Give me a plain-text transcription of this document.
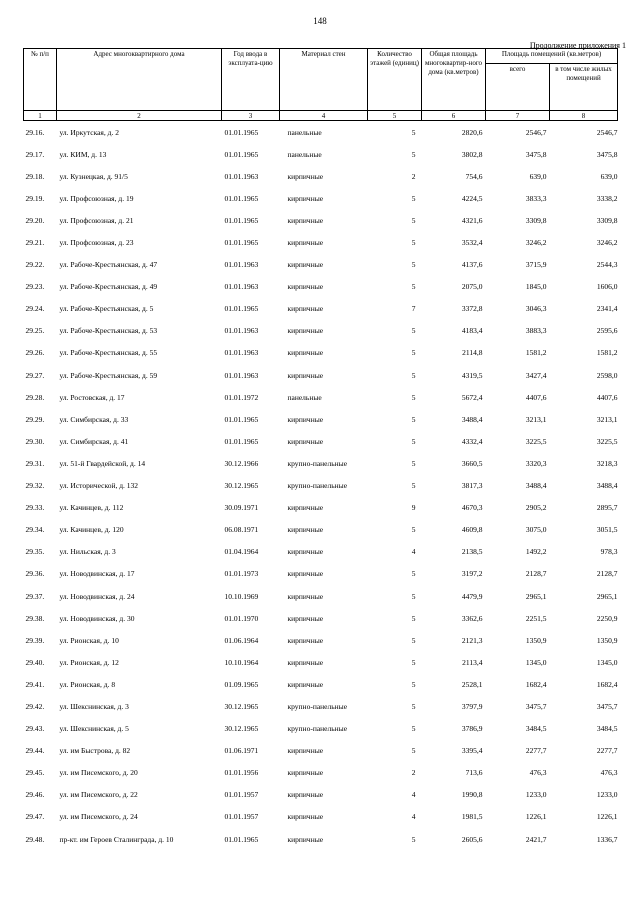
148
Продолжение приложения 1
№ п/п	Адрес многоквартирного дома	Год ввода в эксплуата-цию	Материал стен	Количество этажей (единиц)	Общая площадь многоквартир-ного дома (кв.метров)	Площадь помещений (кв.метров)	
						всего	в том числе жилых помещений
1	2	3	4	5	6	7	8
29.16.	ул. Иркутская, д. 2	01.01.1965	панельные	5	2820,6	2546,7	2546,7
29.17.	ул. КИМ, д. 13	01.01.1965	панельные	5	3802,8	3475,8	3475,8
29.18.	ул. Кузнецкая, д. 91/5	01.01.1963	кирпичные	2	754,6	639,0	639,0
29.19.	ул. Профсоюзная, д. 19	01.01.1965	кирпичные	5	4224,5	3833,3	3338,2
29.20.	ул. Профсоюзная, д. 21	01.01.1965	кирпичные	5	4321,6	3309,8	3309,8
29.21.	ул. Профсоюзная, д. 23	01.01.1965	кирпичные	5	3532,4	3246,2	3246,2
29.22.	ул. Рабоче-Крестьянская, д. 47	01.01.1963	кирпичные	5	4137,6	3715,9	2544,3
29.23.	ул. Рабоче-Крестьянская, д. 49	01.01.1963	кирпичные	5	2075,0	1845,0	1606,0
29.24.	ул. Рабоче-Крестьянская, д. 5	01.01.1965	кирпичные	7	3372,8	3046,3	2341,4
29.25.	ул. Рабоче-Крестьянская, д. 53	01.01.1963	кирпичные	5	4183,4	3883,3	2595,6
29.26.	ул. Рабоче-Крестьянская, д. 55	01.01.1963	кирпичные	5	2114,8	1581,2	1581,2
29.27.	ул. Рабоче-Крестьянская, д. 59	01.01.1963	кирпичные	5	4319,5	3427,4	2598,0
29.28.	ул. Ростовская, д. 17	01.01.1972	панельные	5	5672,4	4407,6	4407,6
29.29.	ул. Симбирская, д. 33	01.01.1965	кирпичные	5	3488,4	3213,1	3213,1
29.30.	ул. Симбирская, д. 41	01.01.1965	кирпичные	5	4332,4	3225,5	3225,5
29.31.	ул. 51-й Гвардейской, д. 14	30.12.1966	крупно-панельные	5	3660,5	3320,3	3218,3
29.32.	ул. Исторической, д. 132	30.12.1965	крупно-панельные	5	3817,3	3488,4	3488,4
29.33.	ул. Качинцев, д. 112	30.09.1971	кирпичные	9	4670,3	2905,2	2895,7
29.34.	ул. Качинцев, д. 120	06.08.1971	кирпичные	5	4609,8	3075,0	3051,5
29.35.	ул. Нильская, д. 3	01.04.1964	кирпичные	4	2138,5	1492,2	978,3
29.36.	ул. Новодвинская, д. 17	01.01.1973	кирпичные	5	3197,2	2128,7	2128,7
29.37.	ул. Новодвинская, д. 24	10.10.1969	кирпичные	5	4479,9	2965,1	2965,1
29.38.	ул. Новодвинская, д. 30	01.01.1970	кирпичные	5	3362,6	2251,5	2250,9
29.39.	ул. Рионская, д. 10	01.06.1964	кирпичные	5	2121,3	1350,9	1350,9
29.40.	ул. Рионская, д. 12	10.10.1964	кирпичные	5	2113,4	1345,0	1345,0
29.41.	ул. Рионская, д. 8	01.09.1965	кирпичные	5	2528,1	1682,4	1682,4
29.42.	ул. Шекснинская, д. 3	30.12.1965	крупно-панельные	5	3797,9	3475,7	3475,7
29.43.	ул. Шекснинская, д. 5	30.12.1965	крупно-панельные	5	3786,9	3484,5	3484,5
29.44.	ул. им Быстрова, д. 82	01.06.1971	кирпичные	5	3395,4	2277,7	2277,7
29.45.	ул. им Писемского, д. 20	01.01.1956	кирпичные	2	713,6	476,3	476,3
29.46.	ул. им Писемского, д. 22	01.01.1957	кирпичные	4	1990,8	1233,0	1233,0
29.47.	ул. им Писемского, д. 24	01.01.1957	кирпичные	4	1981,5	1226,1	1226,1
29.48.	пр-кт. им Героев Сталинграда, д. 10	01.01.1965	кирпичные	5	2605,6	2421,7	1336,7
